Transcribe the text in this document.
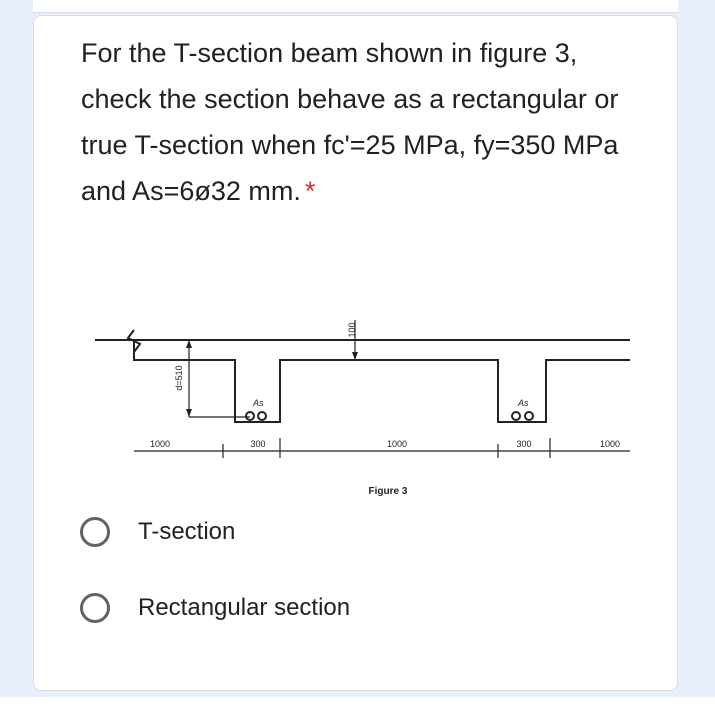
For the T-section beam shown in figure 3, check the section behave as a rectangular or true T-section when fc'=25 MPa, fy=350 MPa and As=6ø32 mm. *

100
d=510
As	As
1000	300	1000	300	1000
Figure 3
T-section
Rectangular section
